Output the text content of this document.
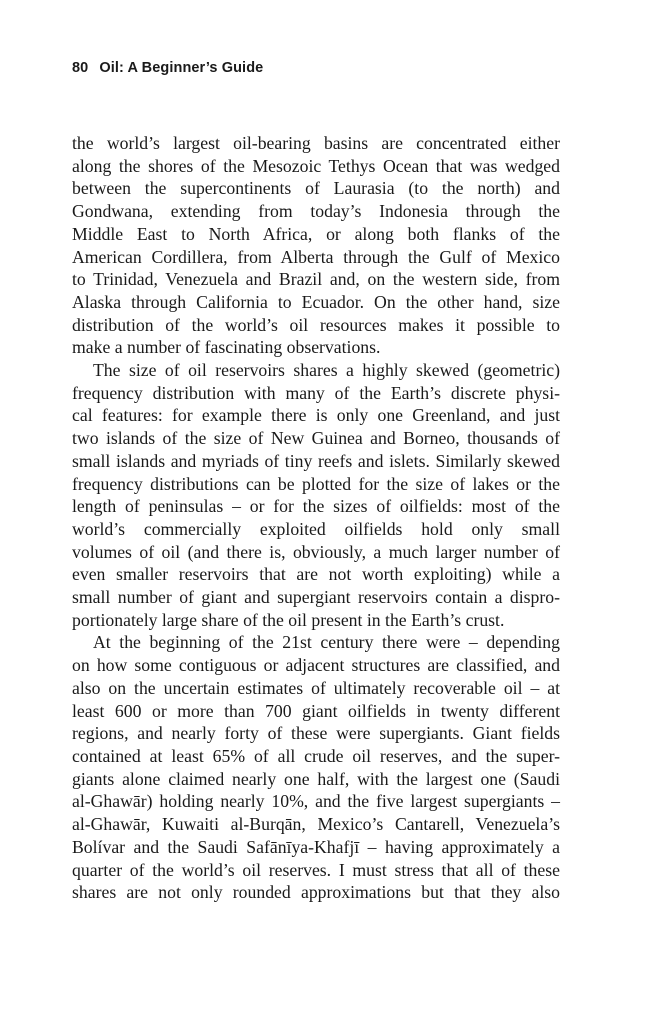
80 Oil: A Beginner’s Guide
the world’s largest oil-bearing basins are concentrated either
along the shores of the Mesozoic Tethys Ocean that was wedged
between the supercontinents of Laurasia (to the north) and
Gondwana, extending from today’s Indonesia through the
Middle East to North Africa, or along both flanks of the
American Cordillera, from Alberta through the Gulf of Mexico
to Trinidad, Venezuela and Brazil and, on the western side, from
Alaska through California to Ecuador. On the other hand, size
distribution of the world’s oil resources makes it possible to
make a number of fascinating observations.
The size of oil reservoirs shares a highly skewed (geometric)
frequency distribution with many of the Earth’s discrete physi-
cal features: for example there is only one Greenland, and just
two islands of the size of New Guinea and Borneo, thousands of
small islands and myriads of tiny reefs and islets. Similarly skewed
frequency distributions can be plotted for the size of lakes or the
length of peninsulas – or for the sizes of oilfields: most of the
world’s commercially exploited oilfields hold only small
volumes of oil (and there is, obviously, a much larger number of
even smaller reservoirs that are not worth exploiting) while a
small number of giant and supergiant reservoirs contain a dispro-
portionately large share of the oil present in the Earth’s crust.
At the beginning of the 21st century there were – depending
on how some contiguous or adjacent structures are classified, and
also on the uncertain estimates of ultimately recoverable oil – at
least 600 or more than 700 giant oilfields in twenty different
regions, and nearly forty of these were supergiants. Giant fields
contained at least 65% of all crude oil reserves, and the super-
giants alone claimed nearly one half, with the largest one (Saudi
al-Ghawār) holding nearly 10%, and the five largest supergiants –
al-Ghawār, Kuwaiti al-Burqān, Mexico’s Cantarell, Venezuela’s
Bolívar and the Saudi Safānīya-Khafjī – having approximately a
quarter of the world’s oil reserves. I must stress that all of these
shares are not only rounded approximations but that they also
